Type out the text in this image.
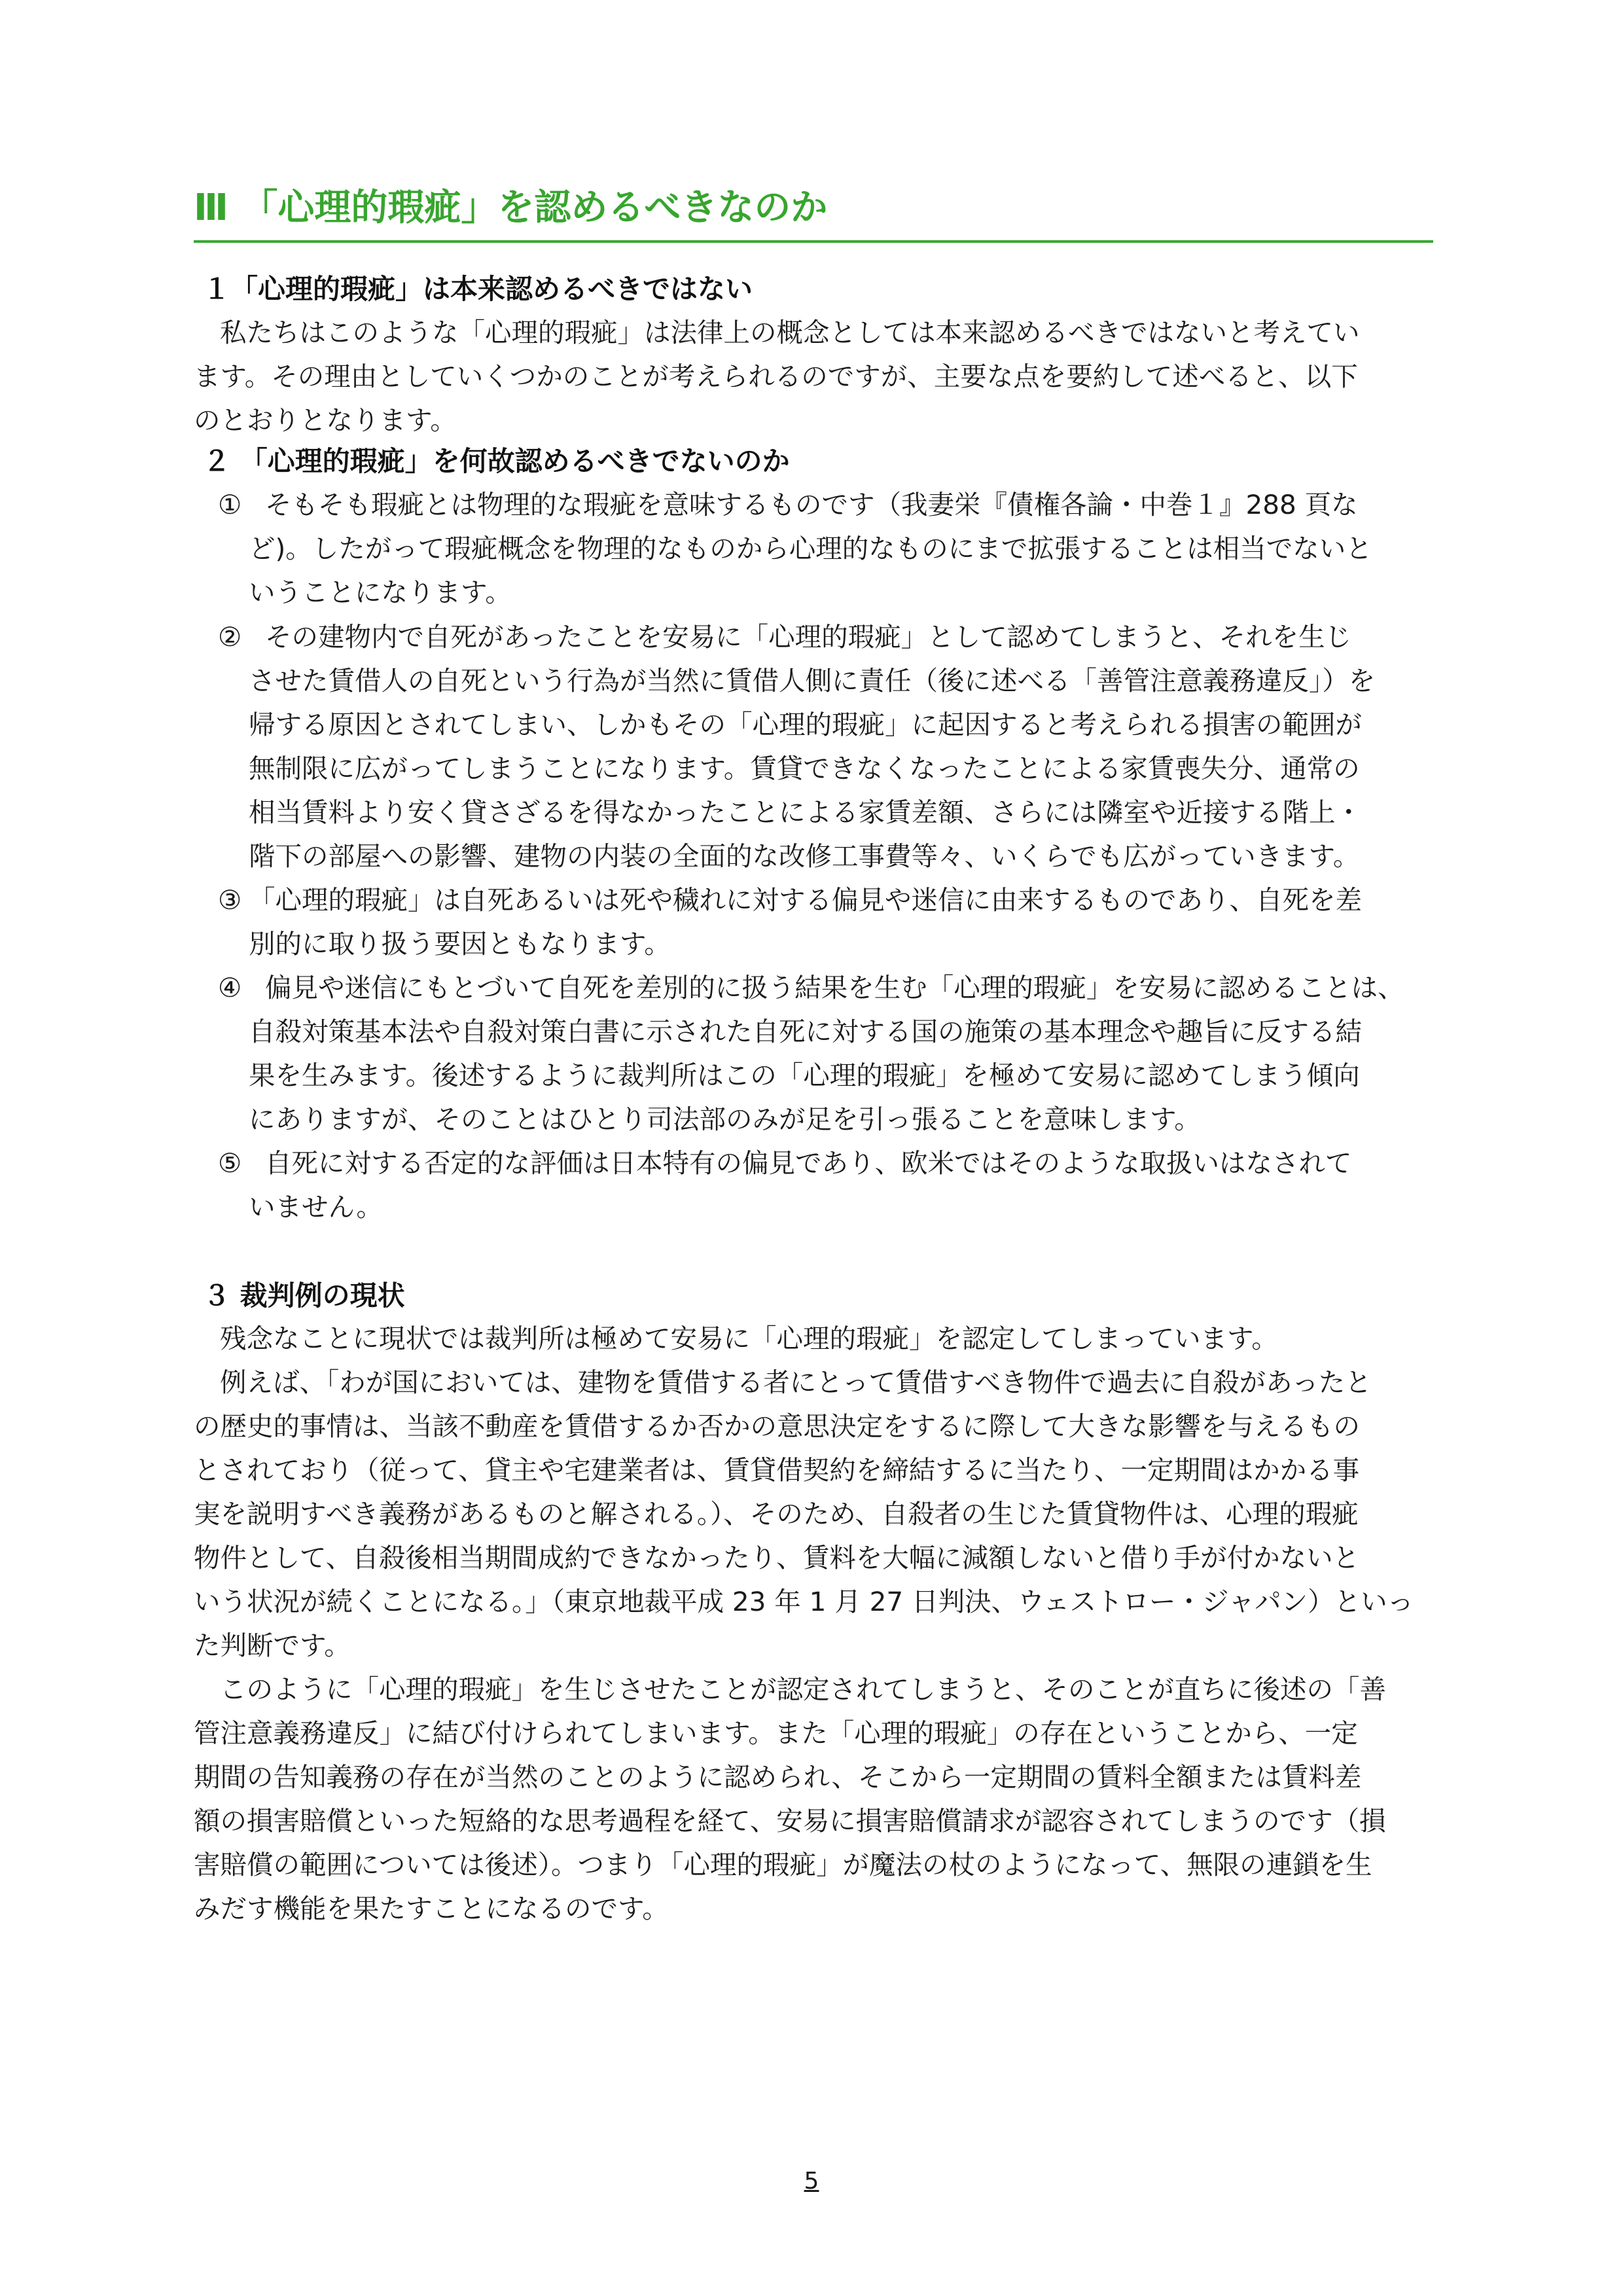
Ⅲ 「心理的瑕疵」を認めるべきなのか
１「心理的瑕疵」は本来認めるべきではない
私たちはこのような「心理的瑕疵」は法律上の概念としては本来認めるべきではないと考えてい
ます。その理由としていくつかのことが考えられるのですが、主要な点を要約して述べると、以下
のとおりとなります。
２ 「心理的瑕疵」を何故認めるべきでないのか
① そもそも瑕疵とは物理的な瑕疵を意味するものです（我妻栄『債権各論・中巻１』288 頁な
ど)。したがって瑕疵概念を物理的なものから心理的なものにまで拡張することは相当でないと
いうことになります。
② その建物内で自死があったことを安易に「心理的瑕疵」として認めてしまうと、それを生じ
させた賃借人の自死という行為が当然に賃借人側に責任（後に述べる「善管注意義務違反」）を
帰する原因とされてしまい、しかもその「心理的瑕疵」に起因すると考えられる損害の範囲が
無制限に広がってしまうことになります。賃貸できなくなったことによる家賃喪失分、通常の
相当賃料より安く貸さざるを得なかったことによる家賃差額、さらには隣室や近接する階上・
階下の部屋への影響、建物の内装の全面的な改修工事費等々、いくらでも広がっていきます。
③ 「心理的瑕疵」は自死あるいは死や穢れに対する偏見や迷信に由来するものであり、自死を差
別的に取り扱う要因ともなります。
④ 偏見や迷信にもとづいて自死を差別的に扱う結果を生む「心理的瑕疵」を安易に認めることは、
自殺対策基本法や自殺対策白書に示された自死に対する国の施策の基本理念や趣旨に反する結
果を生みます。後述するように裁判所はこの「心理的瑕疵」を極めて安易に認めてしまう傾向
にありますが、そのことはひとり司法部のみが足を引っ張ることを意味します。
⑤ 自死に対する否定的な評価は日本特有の偏見であり、欧米ではそのような取扱いはなされて
いません。
３ 裁判例の現状
残念なことに現状では裁判所は極めて安易に「心理的瑕疵」を認定してしまっています。
例えば、「わが国においては、建物を賃借する者にとって賃借すべき物件で過去に自殺があったと
の歴史的事情は、当該不動産を賃借するか否かの意思決定をするに際して大きな影響を与えるもの
とされており（従って、貸主や宅建業者は、賃貸借契約を締結するに当たり、一定期間はかかる事
実を説明すべき義務があるものと解される。）、そのため、自殺者の生じた賃貸物件は、心理的瑕疵
物件として、自殺後相当期間成約できなかったり、賃料を大幅に減額しないと借り手が付かないと
いう状況が続くことになる。」（東京地裁平成 23 年 1 月 27 日判決、ウェストロー・ジャパン）といっ
た判断です。
このように「心理的瑕疵」を生じさせたことが認定されてしまうと、そのことが直ちに後述の「善
管注意義務違反」に結び付けられてしまいます。また「心理的瑕疵」の存在ということから、一定
期間の告知義務の存在が当然のことのように認められ、そこから一定期間の賃料全額または賃料差
額の損害賠償といった短絡的な思考過程を経て、安易に損害賠償請求が認容されてしまうのです（損
害賠償の範囲については後述）。つまり「心理的瑕疵」が魔法の杖のようになって、無限の連鎖を生
みだす機能を果たすことになるのです。
5
